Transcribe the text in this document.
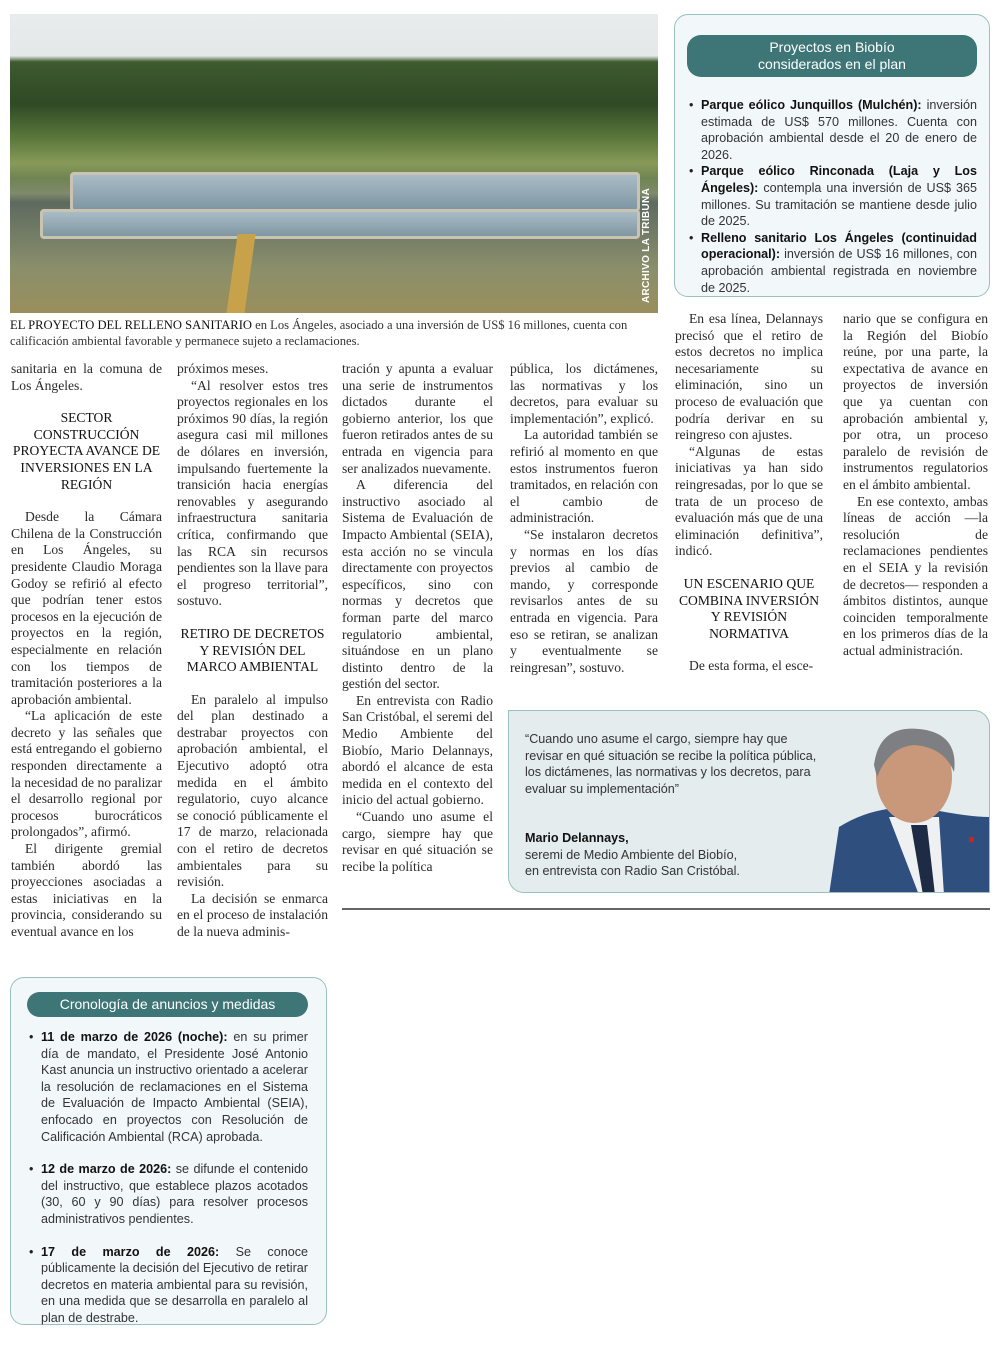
ARCHIVO LA TRIBUNA
EL PROYECTO DEL RELLENO SANITARIO en Los Ángeles, asociado a una inversión de US$ 16 millones, cuenta con calificación ambiental favorable y permanece sujeto a reclamaciones.
Proyectos en Biobío considerados en el plan
• Parque eólico Junquillos (Mulchén): inversión estimada de US$ 570 millones. Cuenta con aprobación ambiental desde el 20 de enero de 2026.
• Parque eólico Rinconada (Laja y Los Ángeles): contempla una inversión de US$ 365 millones. Su tramitación se mantiene desde julio de 2025.
• Relleno sanitario Los Ángeles (continuidad operacional): inversión de US$ 16 millones, con aprobación ambiental registrada en noviembre de 2025.

sanitaria en la comuna de Los Ángeles.

SECTOR CONSTRUCCIÓN PROYECTA AVANCE DE INVERSIONES EN LA REGIÓN

Desde la Cámara Chilena de la Construcción en Los Ángeles, su presidente Claudio Moraga Godoy se refirió al efecto que podrían tener estos procesos en la ejecución de proyectos en la región, especialmente en relación con los tiempos de tramitación posteriores a la aprobación ambiental.

“La aplicación de este decreto y las señales que está entregando el gobierno responden directamente a la necesidad de no paralizar el desarrollo regional por procesos burocráticos prolongados”, afirmó.

El dirigente gremial también abordó las proyecciones asociadas a estas iniciativas en la provincia, considerando su eventual avance en los

próximos meses.

“Al resolver estos tres proyectos regionales en los próximos 90 días, la región asegura casi mil millones de dólares en inversión, impulsando fuertemente la transición hacia energías renovables y asegurando infraestructura sanitaria crítica, confirmando que las RCA sin recursos pendientes son la llave para el progreso territorial”, sostuvo.

RETIRO DE DECRETOS Y REVISIÓN DEL MARCO AMBIENTAL

En paralelo al impulso del plan destinado a destrabar proyectos con aprobación ambiental, el Ejecutivo adoptó otra medida en el ámbito regulatorio, cuyo alcance se conoció públicamente el 17 de marzo, relacionada con el retiro de decretos ambientales para su revisión.

La decisión se enmarca en el proceso de instalación de la nueva adminis-

tración y apunta a evaluar una serie de instrumentos dictados durante el gobierno anterior, los que fueron retirados antes de su entrada en vigencia para ser analizados nuevamente.

A diferencia del instructivo asociado al Sistema de Evaluación de Impacto Ambiental (SEIA), esta acción no se vincula directamente con proyectos específicos, sino con normas y decretos que forman parte del marco regulatorio ambiental, situándose en un plano distinto dentro de la gestión del sector.

En entrevista con Radio San Cristóbal, el seremi del Medio Ambiente del Biobío, Mario Delannays, abordó el alcance de esta medida en el contexto del inicio del actual gobierno.

“Cuando uno asume el cargo, siempre hay que revisar en qué situación se recibe la política

pública, los dictámenes, las normativas y los decretos, para evaluar su implementación”, explicó.

La autoridad también se refirió al momento en que estos instrumentos fueron tramitados, en relación con el cambio de administración.

“Se instalaron decretos y normas en los días previos al cambio de mando, y corresponde revisarlos antes de su entrada en vigencia. Para eso se retiran, se analizan y eventualmente se reingresan”, sostuvo.

En esa línea, Delannays precisó que el retiro de estos decretos no implica necesariamente su eliminación, sino un proceso de evaluación que podría derivar en su reingreso con ajustes.

“Algunas de estas iniciativas ya han sido reingresadas, por lo que se trata de un proceso de evaluación más que de una eliminación definitiva”, indicó.

UN ESCENARIO QUE COMBINA INVERSIÓN Y REVISIÓN NORMATIVA

De esta forma, el esce-

nario que se configura en la Región del Biobío reúne, por una parte, la expectativa de avance en proyectos de inversión que ya cuentan con aprobación ambiental y, por otra, un proceso paralelo de revisión de instrumentos regulatorios en el ámbito ambiental.

En ese contexto, ambas líneas de acción —la resolución de reclamaciones pendientes en el SEIA y la revisión de decretos— responden a ámbitos distintos, aunque coinciden temporalmente en los primeros días de la actual administración.

“Cuando uno asume el cargo, siempre hay que revisar en qué situación se recibe la política pública, los dictámenes, las normativas y los decretos, para evaluar su implementación”
Mario Delannays,
seremi de Medio Ambiente del Biobío,
en entrevista con Radio San Cristóbal.
Cronología de anuncios y medidas
• 11 de marzo de 2026 (noche): en su primer día de mandato, el Presidente José Antonio Kast anuncia un instructivo orientado a acelerar la resolución de reclamaciones en el Sistema de Evaluación de Impacto Ambiental (SEIA), enfocado en proyectos con Resolución de Calificación Ambiental (RCA) aprobada.
• 12 de marzo de 2026: se difunde el contenido del instructivo, que establece plazos acotados (30, 60 y 90 días) para resolver procesos administrativos pendientes.
• 17 de marzo de 2026: Se conoce públicamente la decisión del Ejecutivo de retirar decretos en materia ambiental para su revisión, en una medida que se desarrolla en paralelo al plan de destrabe.
